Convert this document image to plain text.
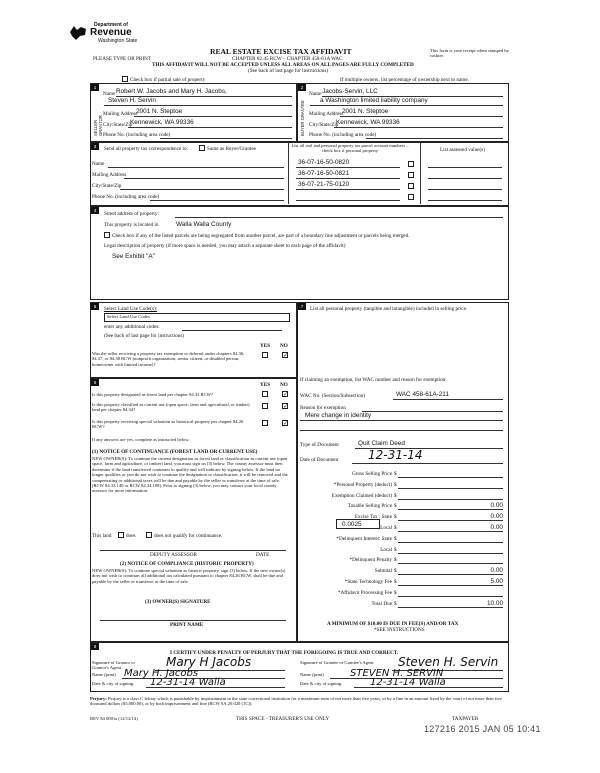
Department of
Revenue
Washington State
PLEASE TYPE OR PRINT
REAL ESTATE EXCISE TAX AFFIDAVIT
CHAPTER 82.45 RCW – CHAPTER 458-61A WAC
THIS AFFIDAVIT WILL NOT BE ACCEPTED UNLESS ALL AREAS ON ALL PAGES ARE FULLY COMPLETED
(See back of last page for instructions)
This form is your receipt when stamped by cashier.
Check box if partial sale of property	If multiple owners, list percentage of ownership next to name.
1	2
SELLER GRANTOR	BUYER GRANTEE
Name Robert W. Jacobs and Mary H. Jacobs,
Steven H. Servin
Mailing Address
2001 N. Steptoe
City/State/Zip
Kennewick, WA 99336
Phone No. (including area code)
Name Jacobs-Servin, LLC
a Washington limited liability company
Mailing Address
2001 N. Steptoe
City/State/Zip
Kennewick, WA 99336
Phone No. (including area code)
3	Send all property tax correspondence to:	Same as Buyer/Grantee
List all real and personal property tax parcel account numbers – check box if personal property	List assessed value(s)
Name
Mailing Address
City/State/Zip
Phone No. (including area code)
36-07-16-50-0820
36-07-16-50-0821
36-07-21-75-0120
4
Street address of property:
This property is located in	Walla Walla County
Check box if any of the listed parcels are being segregated from another parcel, are part of a boundary line adjustment or parcels being merged.
Legal description of property (if more space is needed, you may attach a separate sheet to each page of the affidavit)
See Exhibit "A"
5	Select Land Use Code(s):
Select Land Use Codes
enter any additional codes:
(See back of last page for instructions)
YES NO
Was the seller receiving a property tax exemption or deferral under chapters 84.36, 84.37, or 84.38 RCW (nonprofit organization, senior citizen, or disabled person, homeowner with limited income)?
✓
6	YES NO
Is this property designated as forest land per chapter 84.33 RCW?	✓
Is this property classified as current use (open space, farm and agricultural, or timber) land per chapter 84.34?	✓
Is this property receiving special valuation as historical property per chapter 84.26 RCW?	✓
If any answers are yes, complete as instructed below.
(1) NOTICE OF CONTINUANCE (FOREST LAND OR CURRENT USE)
NEW OWNER(S): To continue the current designation as forest land or classification as current use (open space, farm and agriculture, or timber) land, you must sign on (3) below. The county assessor must then determine if the land transferred continues to qualify and will indicate by signing below. If the land no longer qualifies or you do not wish to continue the designation or classification, it will be removed and the compensating or additional taxes will be due and payable by the seller or transferor at the time of sale. (RCW 84.33.140 or RCW 84.34.108). Prior to signing (3) below, you may contact your local county assessor for more information.
This land	does	does not qualify for continuance.
DEPUTY ASSESSOR	DATE
(2) NOTICE OF COMPLIANCE (HISTORIC PROPERTY)
NEW OWNER(S): To continue special valuation as historic property, sign (3) below. If the new owner(s) does not wish to continue, all additional tax calculated pursuant to chapter 84.26 RCW, shall be due and payable by the seller or transferor at the time of sale.
(3) OWNER(S) SIGNATURE
PRINT NAME
7	List all personal property (tangible and intangible) included in selling price.
If claiming an exemption, list WAC number and reason for exemption:
WAC No. (Section/Subsection)	WAC 458-61A-211
Reason for exemption
Mere change in identity
Type of Document	Quit Claim Deed
Date of Document 12-31-14
Gross Selling Price $
*Personal Property (deduct) $
Exemption Claimed (deduct) $
Taxable Selling Price $	0.00
Excise Tax : State $	0.00
Local $	0.00
*Delinquent Interest: State $
Local $
*Delinquent Penalty $
Subtotal $	0.00
*State Technology Fee $	5.00
*Affidavit Processing Fee $
Total Due $	10.00
0.0025
A MINIMUM OF $10.00 IS DUE IN FEE(S) AND/OR TAX
*SEE INSTRUCTIONS
8
I CERTIFY UNDER PENALTY OF PERJURY THAT THE FOREGOING IS TRUE AND CORRECT.
Signature of Grantor or Grantor's Agent	Mary H Jacobs
Name (print) Mary H. Jacobs
Date & city of signing: 12-31-14 Walla
Signature of Grantee or Grantee's Agent	Steven H. Servin
Name (print)	STEVEN H. SERVIN
Date & city of signing:	12-31-14 Walla
Perjury: Perjury is a class C felony which is punishable by imprisonment in the state correctional institution for a maximum term of not more than five years, or by a fine in an amount fixed by the court of not more than five thousand dollars ($5,000.00), or by both imprisonment and fine (RCW 9A.20.020 (1C)).
REV 84 0001a (12/12/14)	THIS SPACE - TREASURER'S USE ONLY	TAXPAYER
127216 2015 JAN 05 10:41
